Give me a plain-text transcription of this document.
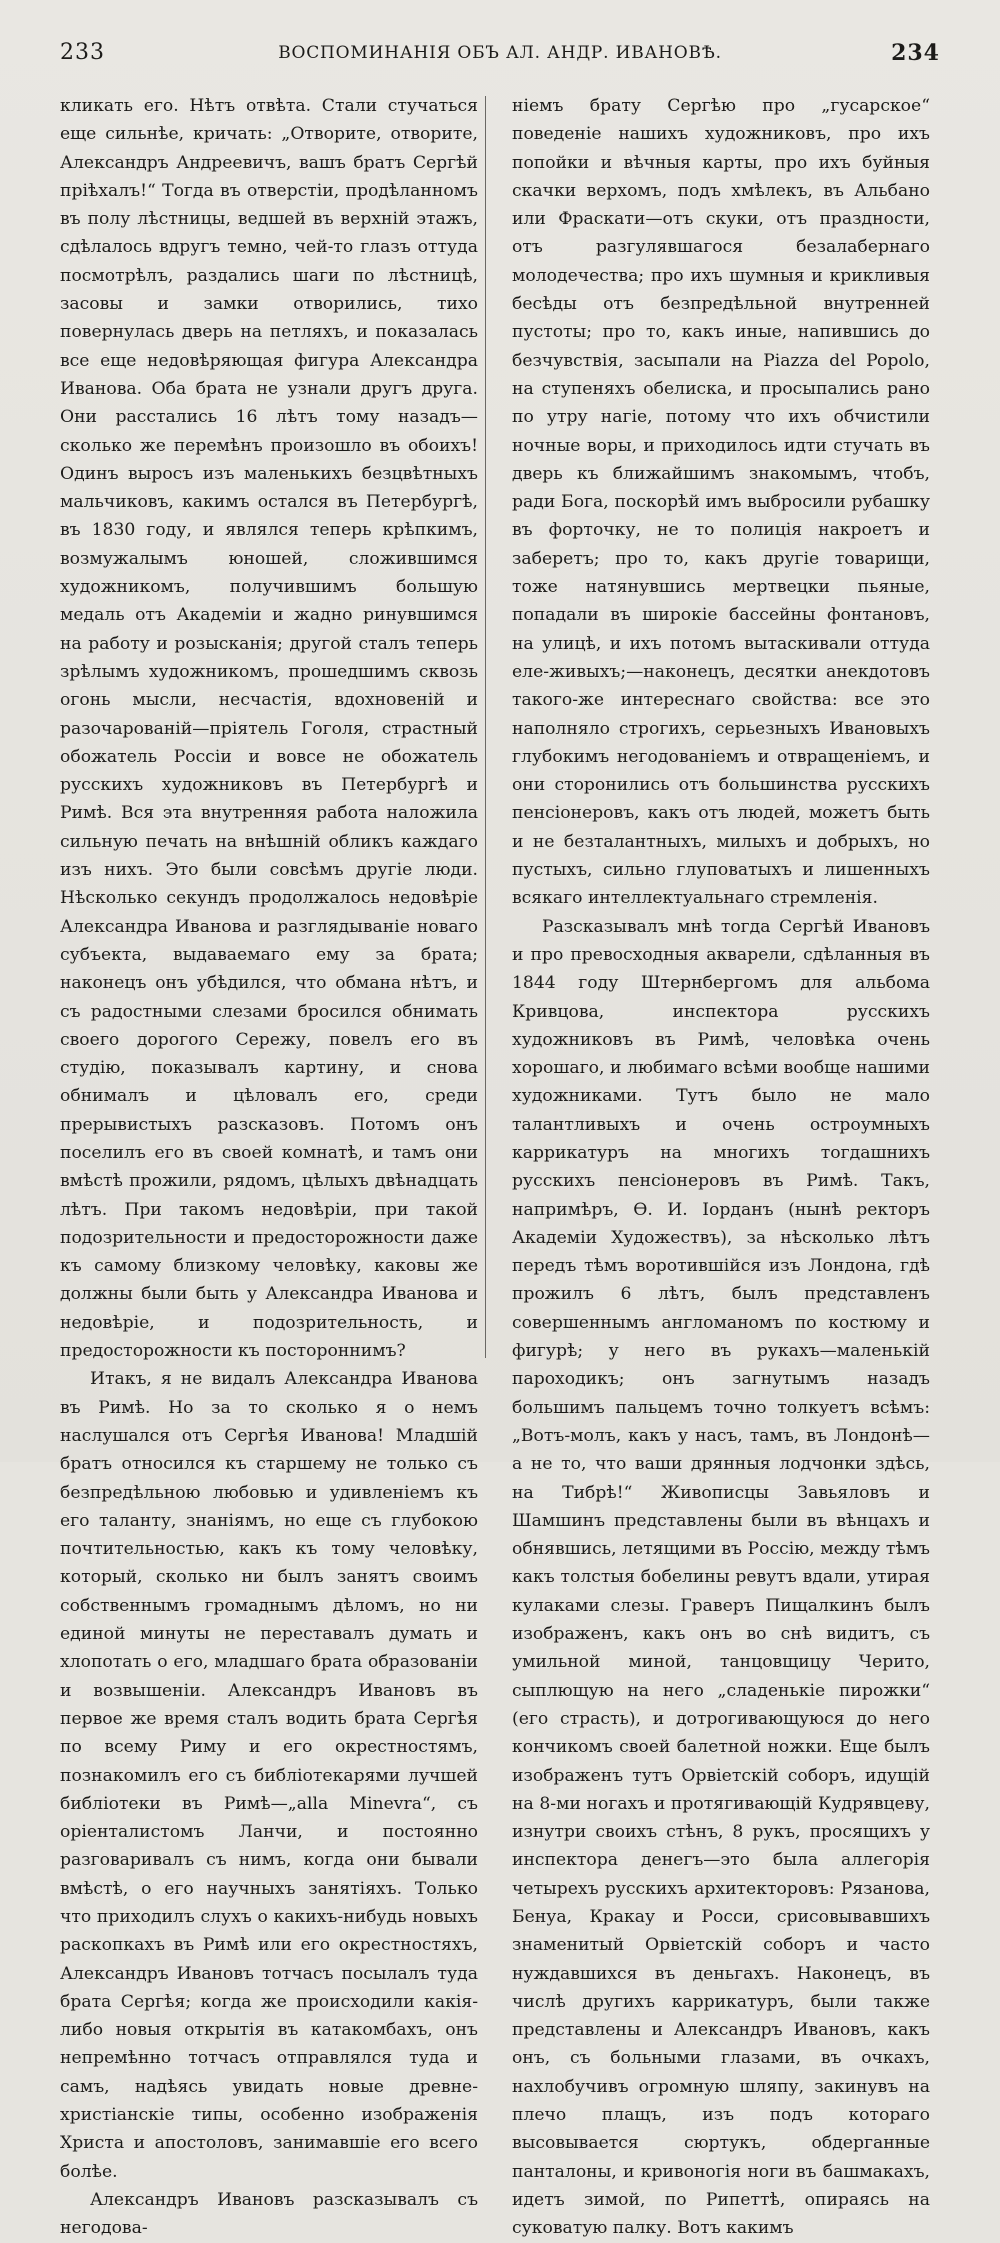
233	ВОСПОМИНАНІЯ ОБЪ АЛ. АНДР. ИВАНОВѢ.	234

кликать его. Нѣтъ отвѣта. Стали стучаться еще сильнѣе, кричать: „Отворите, отворите, Александръ Андреевичъ, вашъ братъ Сергѣй пріѣхалъ!“ Тогда въ отверстіи, продѣланномъ въ полу лѣстницы, ведшей въ верхній этажъ, сдѣлалось вдругъ темно, чей-то глазъ оттуда посмотрѣлъ, раздались шаги по лѣстницѣ, засовы и замки отворились, тихо повернулась дверь на петляхъ, и показалась все еще недовѣряющая фигура Александра Иванова. Оба брата не узнали другъ друга. Они расстались 16 лѣтъ тому назадъ—сколько же перемѣнъ произошло въ обоихъ! Одинъ выросъ изъ маленькихъ безцвѣтныхъ мальчиковъ, какимъ остался въ Петербургѣ, въ 1830 году, и являлся теперь крѣпкимъ, возмужалымъ юношей, сложившимся художникомъ, получившимъ большую медаль отъ Академіи и жадно ринувшимся на работу и розысканія; другой сталъ теперь зрѣлымъ художникомъ, прошедшимъ сквозь огонь мысли, несчастія, вдохновеній и разочарованій—пріятель Гоголя, страстный обожатель Россіи и вовсе не обожатель русскихъ художниковъ въ Петербургѣ и Римѣ. Вся эта внутренняя работа наложила сильную печать на внѣшній обликъ каждаго изъ нихъ. Это были совсѣмъ другіе люди. Нѣсколько секундъ продолжалось недовѣріе Александра Иванова и разглядываніе новаго субъекта, выдаваемаго ему за брата; наконецъ онъ убѣдился, что обмана нѣтъ, и съ радостными слезами бросился обнимать своего дорогого Сережу, повелъ его въ студію, показывалъ картину, и снова обнималъ и цѣловалъ его, среди прерывистыхъ разсказовъ. Потомъ онъ поселилъ его въ своей комнатѣ, и тамъ они вмѣстѣ прожили, рядомъ, цѣлыхъ двѣнадцать лѣтъ. При такомъ недовѣріи, при такой подозрительности и предосторожности даже къ самому близкому человѣку, каковы же должны были быть у Александра Иванова и недовѣріе, и подозрительность, и предосторожности къ постороннимъ?

Итакъ, я не видалъ Александра Иванова въ Римѣ. Но за то сколько я о немъ наслушался отъ Сергѣя Иванова! Младшій братъ относился къ старшему не только съ безпредѣльною любовью и удивленіемъ къ его таланту, знаніямъ, но еще съ глубокою почтительностью, какъ къ тому человѣку, который, сколько ни былъ занятъ своимъ собственнымъ громаднымъ дѣломъ, но ни единой минуты не переставалъ думать и хлопотать о его, младшаго брата образованіи и возвышеніи. Александръ Ивановъ въ первое же время сталъ водить брата Сергѣя по всему Риму и его окрестностямъ, познакомилъ его съ библіотекарями лучшей библіотеки въ Римѣ—„alla Minevra“, съ оріенталистомъ Ланчи, и постоянно разговаривалъ съ нимъ, когда они бывали вмѣстѣ, о его научныхъ занятіяхъ. Только что приходилъ слухъ о какихъ-нибудь новыхъ раскопкахъ въ Римѣ или его окрестностяхъ, Александръ Ивановъ тотчасъ посылалъ туда брата Сергѣя; когда же происходили какія-либо новыя открытія въ катакомбахъ, онъ непремѣнно тотчасъ отправлялся туда и самъ, надѣясь увидать новые древне-христіанскіе типы, особенно изображенія Христа и апостоловъ, занимавшіе его всего болѣе.

Александръ Ивановъ разсказывалъ съ негодова-

ніемъ брату Сергѣю про „гусарское“ поведеніе нашихъ художниковъ, про ихъ попойки и вѣчныя карты, про ихъ буйныя скачки верхомъ, подъ хмѣлекъ, въ Альбано или Фраскати—отъ скуки, отъ праздности, отъ разгулявшагося безалабернаго молодечества; про ихъ шумныя и крикливыя бесѣды отъ безпредѣльной внутренней пустоты; про то, какъ иные, напившись до безчувствія, засыпали на Piazza del Popolo, на ступеняхъ обелиска, и просыпались рано по утру нагіе, потому что ихъ обчистили ночные воры, и приходилось идти стучать въ дверь къ ближайшимъ знакомымъ, чтобъ, ради Бога, поскорѣй имъ выбросили рубашку въ форточку, не то полиція накроетъ и заберетъ; про то, какъ другіе товарищи, тоже натянувшись мертвецки пьяные, попадали въ широкіе бассейны фонтановъ, на улицѣ, и ихъ потомъ вытаскивали оттуда еле-живыхъ;—наконецъ, десятки анекдотовъ такого-же интереснаго свойства: все это наполняло строгихъ, серьезныхъ Ивановыхъ глубокимъ негодованіемъ и отвращеніемъ, и они сторонились отъ большинства русскихъ пенсіонеровъ, какъ отъ людей, можетъ быть и не безталантныхъ, милыхъ и добрыхъ, но пустыхъ, сильно глуповатыхъ и лишенныхъ всякаго интеллектуальнаго стремленія.

Разсказывалъ мнѣ тогда Сергѣй Ивановъ и про превосходныя акварели, сдѣланныя въ 1844 году Штернбергомъ для альбома Кривцова, инспектора русскихъ художниковъ въ Римѣ, человѣка очень хорошаго, и любимаго всѣми вообще нашими художниками. Тутъ было не мало талантливыхъ и очень остроумныхъ каррикатуръ на многихъ тогдашнихъ русскихъ пенсіонеровъ въ Римѣ. Такъ, напримѣръ, Ѳ. И. Іорданъ (нынѣ ректоръ Академіи Художествъ), за нѣсколько лѣтъ передъ тѣмъ воротившійся изъ Лондона, гдѣ прожилъ 6 лѣтъ, былъ представленъ совершеннымъ англоманомъ по костюму и фигурѣ; у него въ рукахъ—маленькій пароходикъ; онъ загнутымъ назадъ большимъ пальцемъ точно толкуетъ всѣмъ: „Вотъ-молъ, какъ у насъ, тамъ, въ Лондонѣ—а не то, что ваши дрянныя лодчонки здѣсь, на Тибрѣ!“ Живописцы Завьяловъ и Шамшинъ представлены были въ вѣнцахъ и обнявшись, летящими въ Россію, между тѣмъ какъ толстыя бобелины ревутъ вдали, утирая кулаками слезы. Граверъ Пищалкинъ былъ изображенъ, какъ онъ во снѣ видитъ, съ умильной миной, танцовщицу Черито, сыплющую на него „сладенькіе пирожки“ (его страсть), и дотрогивающуюся до него кончикомъ своей балетной ножки. Еще былъ изображенъ тутъ Орвіетскій соборъ, идущій на 8-ми ногахъ и протягивающій Кудрявцеву, изнутри своихъ стѣнъ, 8 рукъ, просящихъ у инспектора денегъ—это была аллегорія четырехъ русскихъ архитекторовъ: Рязанова, Бенуа, Кракау и Росси, срисовывавшихъ знаменитый Орвіетскій соборъ и часто нуждавшихся въ деньгахъ. Наконецъ, въ числѣ другихъ каррикатуръ, были также представлены и Александръ Ивановъ, какъ онъ, съ больными глазами, въ очкахъ, нахлобучивъ огромную шляпу, закинувъ на плечо плащъ, изъ подъ котораго высовывается сюртукъ, обдерганные панталоны, и кривоногія ноги въ башмакахъ, идетъ зимой, по Рипеттѣ, опираясь на суковатую палку. Вотъ какимъ
